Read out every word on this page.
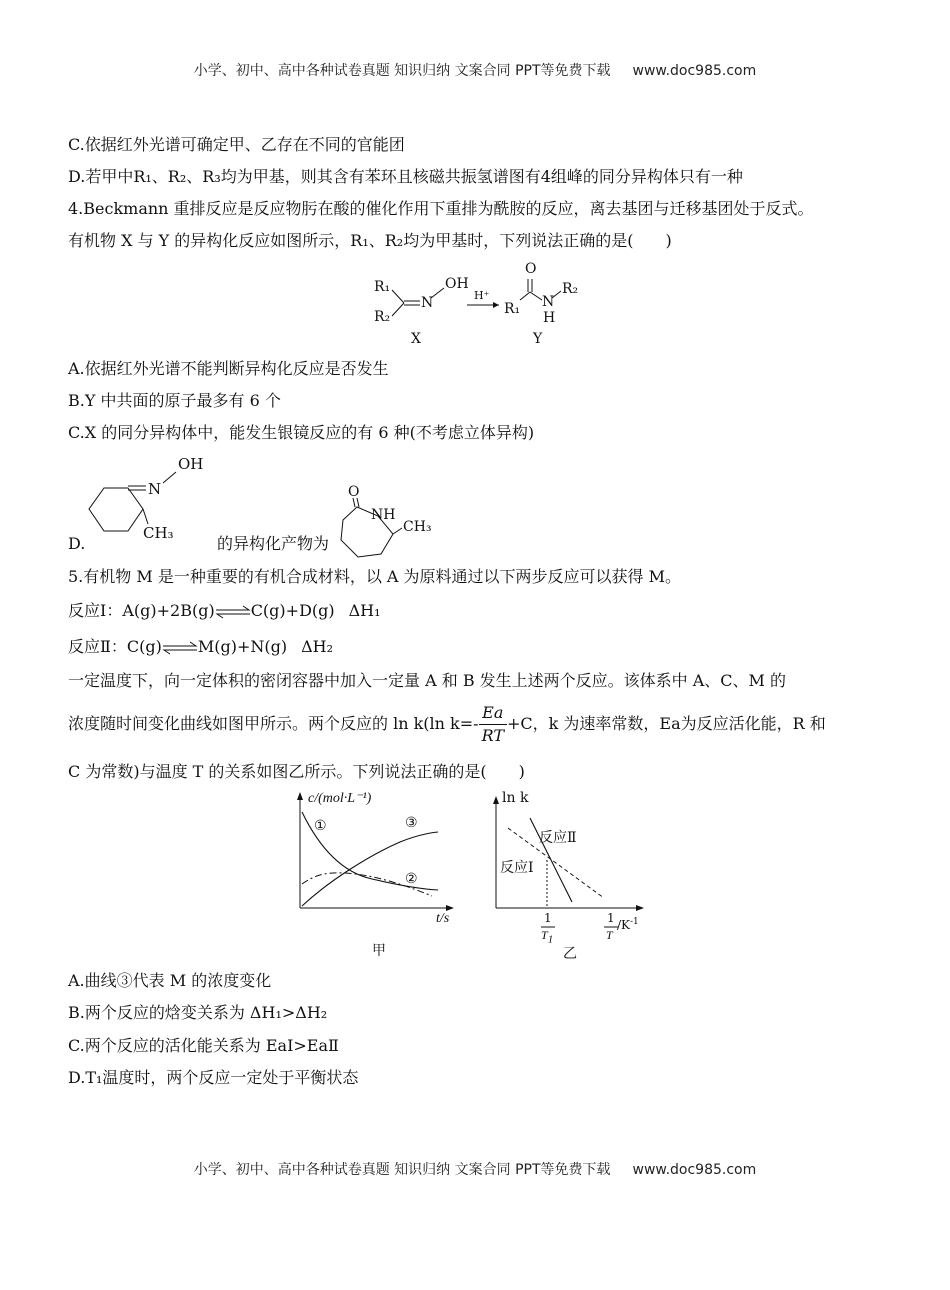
小学、初中、高中各种试卷真题 知识归纳 文案合同 PPT等免费下载 www.doc985.com
C.依据红外光谱可确定甲、乙存在不同的官能团
D.若甲中R₁、R₂、R₃均为甲基，则其含有苯环且核磁共振氢谱图有4组峰的同分异构体只有一种
4.Beckmann 重排反应是反应物肟在酸的催化作用下重排为酰胺的反应，离去基团与迁移基团处于反式。
有机物 X 与 Y 的异构化反应如图所示，R₁、R₂均为甲基时，下列说法正确的是(　　)
R₁
R₂
N
OH
H⁺
R₁
O
N
H
R₂
X	Y
A.依据红外光谱不能判断异构化反应是否发生
B.Y 中共面的原子最多有 6 个
C.X 的同分异构体中，能发生银镜反应的有 6 种(不考虑立体异构)
D.	的异构化产物为
OH
N
CH₃
O
NH
CH₃
5.有机物 M 是一种重要的有机合成材料，以 A 为原料通过以下两步反应可以获得 M。
反应Ⅰ：A(g)+2B(g)⇌C(g)+D(g) ΔH₁
反应Ⅱ：C(g)⇌M(g)+N(g) ΔH₂
一定温度下，向一定体积的密闭容器中加入一定量 A 和 B 发生上述两个反应。该体系中 A、C、M 的
浓度随时间变化曲线如图甲所示。两个反应的 ln k(ln $k=- \frac{Ea}{RT} +C$，k 为速率常数，Ea为反应活化能，R 和
C 为常数)与温度 T 的关系如图乙所示。下列说法正确的是(　　)
c/(mol·L⁻¹)
t/s
①	③
②
甲
ln k
反应Ⅱ
反应Ⅰ
1
$T_1$
1
T
$/K^{-1}$
乙
A.曲线③代表 M 的浓度变化
B.两个反应的焓变关系为 ΔH₁>ΔH₂
C.两个反应的活化能关系为 EaⅠ>EaⅡ
D.T₁温度时，两个反应一定处于平衡状态
小学、初中、高中各种试卷真题 知识归纳 文案合同 PPT等免费下载 www.doc985.com
